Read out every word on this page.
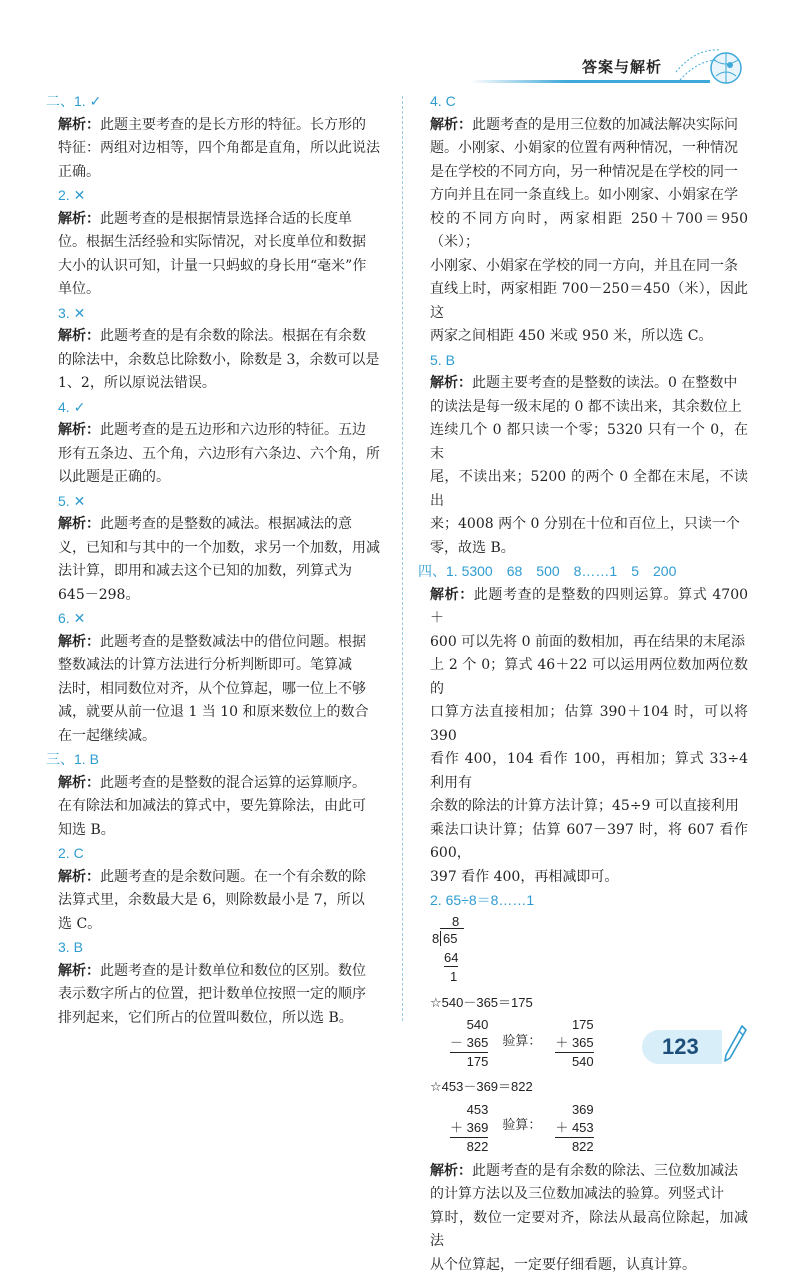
答案与解析
二、1. ✓
解析：此题主要考查的是长方形的特征。长方形的
特征：两组对边相等，四个角都是直角，所以此说法
正确。
2. ✕
解析：此题考查的是根据情景选择合适的长度单
位。根据生活经验和实际情况，对长度单位和数据
大小的认识可知，计量一只蚂蚁的身长用“毫米”作
单位。
3. ✕
解析：此题考查的是有余数的除法。根据在有余数
的除法中，余数总比除数小，除数是 3，余数可以是
1、2，所以原说法错误。
4. ✓
解析：此题考查的是五边形和六边形的特征。五边
形有五条边、五个角，六边形有六条边、六个角，所
以此题是正确的。
5. ✕
解析：此题考查的是整数的减法。根据减法的意
义，已知和与其中的一个加数，求另一个加数，用减
法计算，即用和减去这个已知的加数，列算式为
645－298。
6. ✕
解析：此题考查的是整数减法中的借位问题。根据
整数减法的计算方法进行分析判断即可。笔算减
法时，相同数位对齐，从个位算起，哪一位上不够
减，就要从前一位退 1 当 10 和原来数位上的数合
在一起继续减。
三、1. B
解析：此题考查的是整数的混合运算的运算顺序。
在有除法和加减法的算式中，要先算除法，由此可
知选 B。
2. C
解析：此题考查的是余数问题。在一个有余数的除
法算式里，余数最大是 6，则除数最小是 7，所以
选 C。
3. B
解析：此题考查的是计数单位和数位的区别。数位
表示数字所占的位置，把计数单位按照一定的顺序
排列起来，它们所占的位置叫数位，所以选 B。
4. C
解析：此题考查的是用三位数的加减法解决实际问
题。小刚家、小娟家的位置有两种情况，一种情况
是在学校的不同方向，另一种情况是在学校的同一
方向并且在同一条直线上。如小刚家、小娟家在学
校的不同方向时，两家相距 250＋700＝950（米）；
小刚家、小娟家在学校的同一方向，并且在同一条
直线上时，两家相距 700－250＝450（米），因此这
两家之间相距 450 米或 950 米，所以选 C。
5. B
解析：此题主要考查的是整数的读法。0 在整数中
的读法是每一级末尾的 0 都不读出来，其余数位上
连续几个 0 都只读一个零；5320 只有一个 0，在末
尾，不读出来；5200 的两个 0 全都在末尾，不读出
来；4008 两个 0 分别在十位和百位上，只读一个
零，故选 B。
四、1. 5300　68　500　8……1　5　200
解析：此题考查的是整数的四则运算。算式 4700＋
600 可以先将 0 前面的数相加，再在结果的末尾添
上 2 个 0；算式 46＋22 可以运用两位数加两位数的
口算方法直接相加；估算 390＋104 时，可以将 390
看作 400，104 看作 100，再相加；算式 33÷4 利用有
余数的除法的计算方法计算；45÷9 可以直接利用
乘法口诀计算；估算 607－397 时，将 607 看作 600，
397 看作 400，再相减即可。
2. 65÷8＝8……1
8
8 65
64
1
☆540－365＝175
540
－ 365
175
验算：
175
＋ 365
540
☆453－369＝822
453
＋ 369
822
验算：
369
＋ 453
822
解析：此题考查的是有余数的除法、三位数加减法
的计算方法以及三位数加减法的验算。列竖式计
算时，数位一定要对齐，除法从最高位除起，加减法
从个位算起，一定要仔细看题，认真计算。
123
